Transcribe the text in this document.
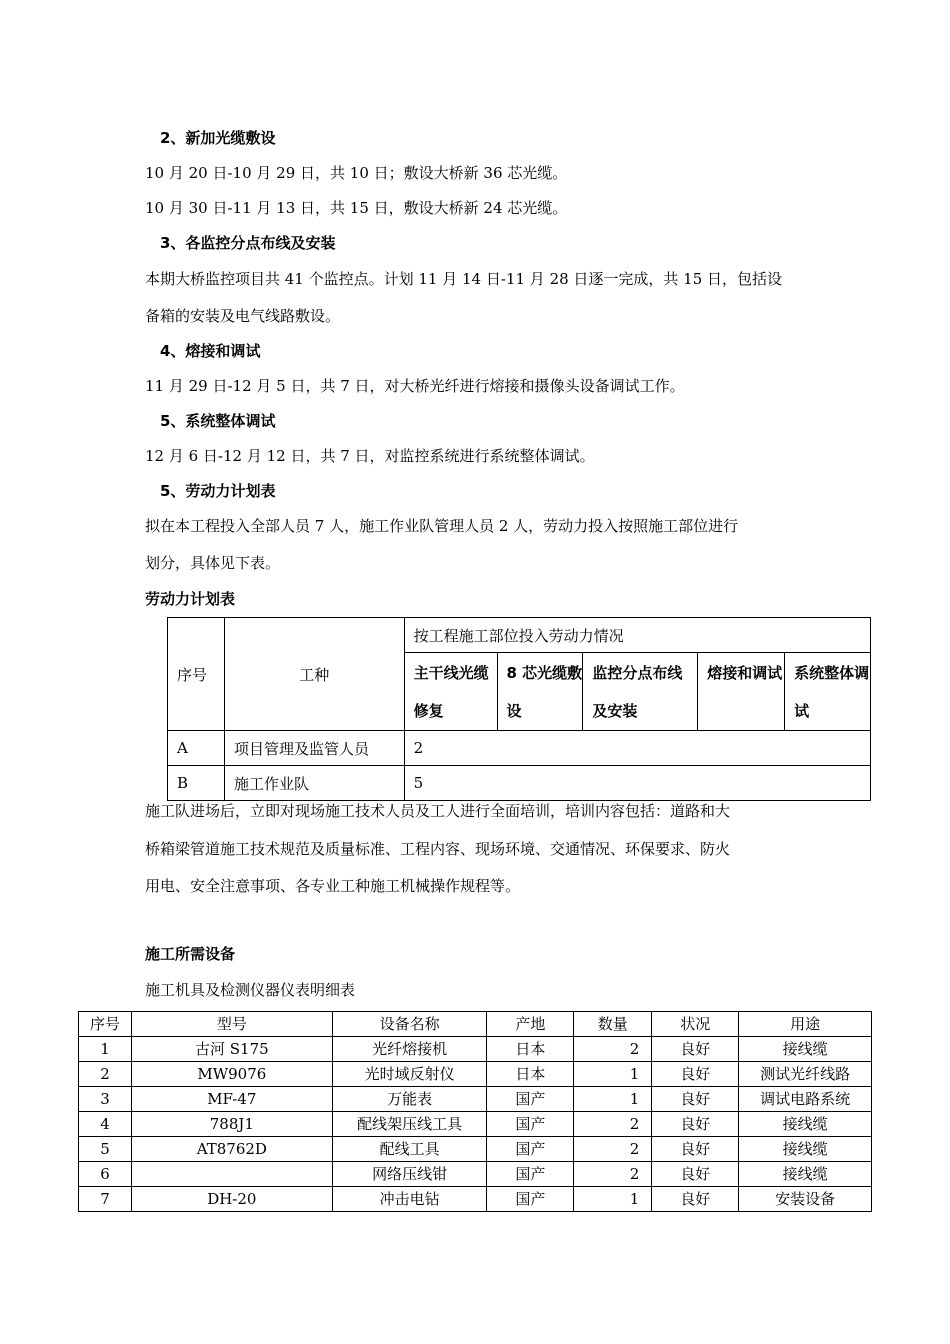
2、新加光缆敷设
10 月 20 日-10 月 29 日，共 10 日；敷设大桥新 36 芯光缆。
10 月 30 日-11 月 13 日，共 15 日，敷设大桥新 24 芯光缆。
3、各监控分点布线及安装
本期大桥监控项目共 41 个监控点。计划 11 月 14 日-11 月 28 日逐一完成，共 15 日，包括设
备箱的安装及电气线路敷设。
4、熔接和调试
11 月 29 日-12 月 5 日，共 7 日，对大桥光纤进行熔接和摄像头设备调试工作。
5、系统整体调试
12 月 6 日-12 月 12 日，共 7 日，对监控系统进行系统整体调试。
5、劳动力计划表
拟在本工程投入全部人员 7 人，施工作业队管理人员 2 人，劳动力投入按照施工部位进行
划分，具体见下表。
劳动力计划表
序号	工种	按工程施工部位投入劳动力情况				
		主干线光缆修复	8 芯光缆敷设	监控分点布线及安装	熔接和调试	系统整体调试
A	项目管理及监管人员	2				
B	施工作业队	5				
施工队进场后，立即对现场施工技术人员及工人进行全面培训，培训内容包括：道路和大
桥箱梁管道施工技术规范及质量标准、工程内容、现场环境、交通情况、环保要求、防火
用电、安全注意事项、各专业工种施工机械操作规程等。
施工所需设备
施工机具及检测仪器仪表明细表
序号	型号	设备名称	产地	数量	状况	用途
1	古河 S175	光纤熔接机	日本	2	良好	接线缆
2	MW9076	光时域反射仪	日本	1	良好	测试光纤线路
3	MF-47	万能表	国产	1	良好	调试电路系统
4	788J1	配线架压线工具	国产	2	良好	接线缆
5	AT8762D	配线工具	国产	2	良好	接线缆
6		网络压线钳	国产	2	良好	接线缆
7	DH-20	冲击电钻	国产	1	良好	安装设备
